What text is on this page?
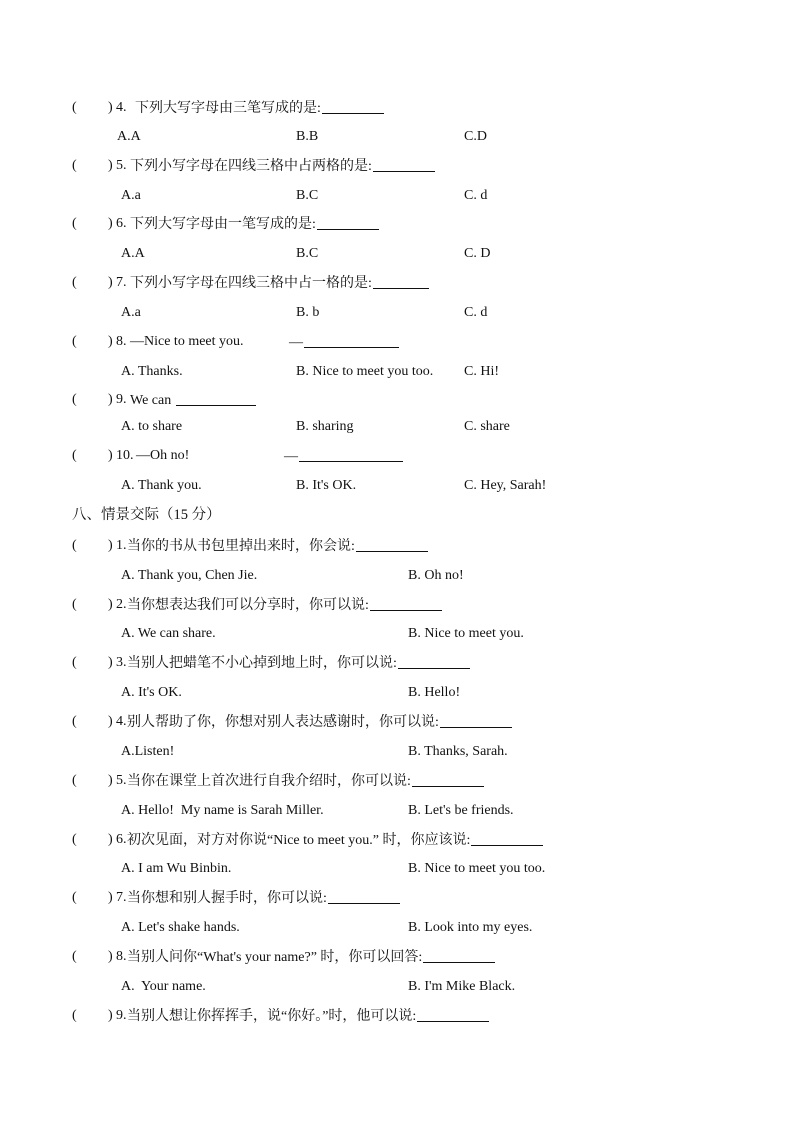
( ) 4. 下列大写字母由三笔写成的是:
A.A	B.B	C.D
( ) 5. 下列小写字母在四线三格中占两格的是:
A.a	B.C	C. d
( ) 6. 下列大写字母由一笔写成的是:
A.A	B.C	C. D
( ) 7. 下列小写字母在四线三格中占一格的是:
A.a	B. b	C. d
( ) 8. —Nice to meet you.	—
A. Thanks.	B. Nice to meet you too. C. Hi!
( ) 9. We can
A. to share	B. sharing	C. share
( ) 10. —Oh no!	—
A. Thank you.	B. It's OK.	C. Hey, Sarah!
八、情景交际（15 分）
( ) 1. 当你的书从书包里掉出来时，你会说:
A. Thank you, Chen Jie.	B. Oh no!
( ) 2. 当你想表达我们可以分享时，你可以说:
A. We can share.	B. Nice to meet you.
( ) 3. 当别人把蜡笔不小心掉到地上时，你可以说:
A. It's OK.	B. Hello!
( ) 4. 别人帮助了你，你想对别人表达感谢时，你可以说:
A.Listen!	B. Thanks, Sarah.
( ) 5. 当你在课堂上首次进行自我介绍时，你可以说:
A. Hello!  My name is Sarah Miller.	B. Let's be friends.
( ) 6. 初次见面，对方对你说“Nice to meet you.” 时，你应该说:
A. I am Wu Binbin.	B. Nice to meet you too.
( ) 7. 当你想和别人握手时，你可以说:
A. Let's shake hands.	B. Look into my eyes.
( ) 8. 当别人问你“What's your name?” 时，你可以回答:
A.  Your name.	B. I'm Mike Black.
( ) 9. 当别人想让你挥挥手，说“你好。”时，他可以说:
